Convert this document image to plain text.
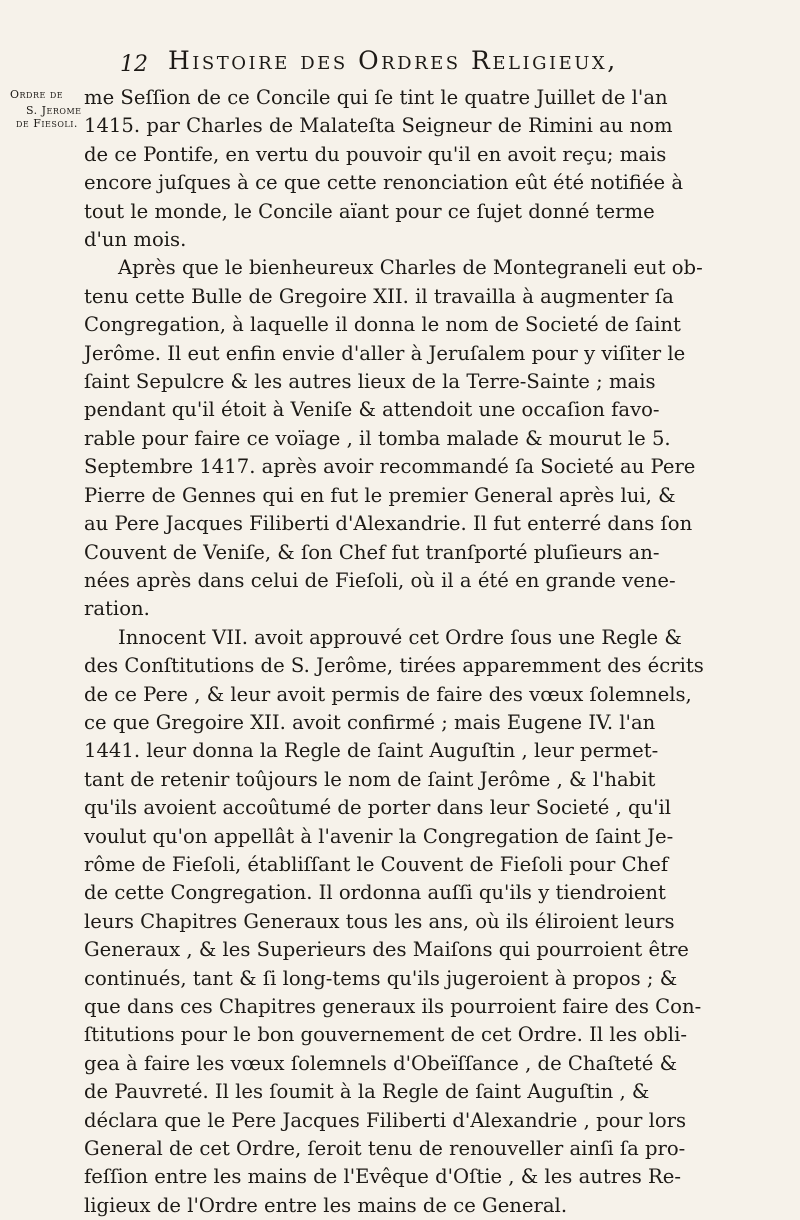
12 Histoire des Ordres Religieux,
Ordre de
S. Jerome
de Fiesoli.

me Seſſion de ce Concile qui ſe tint le quatre Juillet de l'an
1415. par Charles de Malateſta Seigneur de Rimini au nom
de ce Pontife, en vertu du pouvoir qu'il en avoit reçu; mais
encore juſques à ce que cette renonciation eût été notifiée à
tout le monde, le Concile aïant pour ce ſujet donné terme
d'un mois.

Après que le bienheureux Charles de Montegraneli eut ob-
tenu cette Bulle de Gregoire XII. il travailla à augmenter ſa
Congregation, à laquelle il donna le nom de Societé de ſaint
Jerôme. Il eut enfin envie d'aller à Jeruſalem pour y viſiter le
ſaint Sepulcre & les autres lieux de la Terre-Sainte ; mais
pendant qu'il étoit à Veniſe & attendoit une occaſion favo-
rable pour faire ce voïage , il tomba malade & mourut le 5.
Septembre 1417. après avoir recommandé ſa Societé au Pere
Pierre de Gennes qui en fut le premier General après lui, &
au Pere Jacques Filiberti d'Alexandrie. Il fut enterré dans ſon
Couvent de Veniſe, & ſon Chef fut tranſporté pluſieurs an-
nées après dans celui de Fieſoli, où il a été en grande vene-
ration.

Innocent VII. avoit approuvé cet Ordre ſous une Regle &
des Conſtitutions de S. Jerôme, tirées apparemment des écrits
de ce Pere , & leur avoit permis de faire des vœux ſolemnels,
ce que Gregoire XII. avoit confirmé ; mais Eugene IV. l'an
1441. leur donna la Regle de ſaint Auguſtin , leur permet-
tant de retenir toûjours le nom de ſaint Jerôme , & l'habit
qu'ils avoient accoûtumé de porter dans leur Societé , qu'il
voulut qu'on appellât à l'avenir la Congregation de ſaint Je-
rôme de Fieſoli, établiſſant le Couvent de Fieſoli pour Chef
de cette Congregation. Il ordonna auſſi qu'ils y tiendroient
leurs Chapitres Generaux tous les ans, où ils éliroient leurs
Generaux , & les Superieurs des Maiſons qui pourroient être
continués, tant & ſi long-tems qu'ils jugeroient à propos ; &
que dans ces Chapitres generaux ils pourroient faire des Con-
ſtitutions pour le bon gouvernement de cet Ordre. Il les obli-
gea à faire les vœux ſolemnels d'Obeïſſance , de Chaſteté &
de Pauvreté. Il les ſoumit à la Regle de ſaint Auguſtin , &
déclara que le Pere Jacques Filiberti d'Alexandrie , pour lors
General de cet Ordre, ſeroit tenu de renouveller ainſi ſa pro-
feſſion entre les mains de l'Evêque d'Oſtie , & les autres Re-
ligieux de l'Ordre entre les mains de ce General.
